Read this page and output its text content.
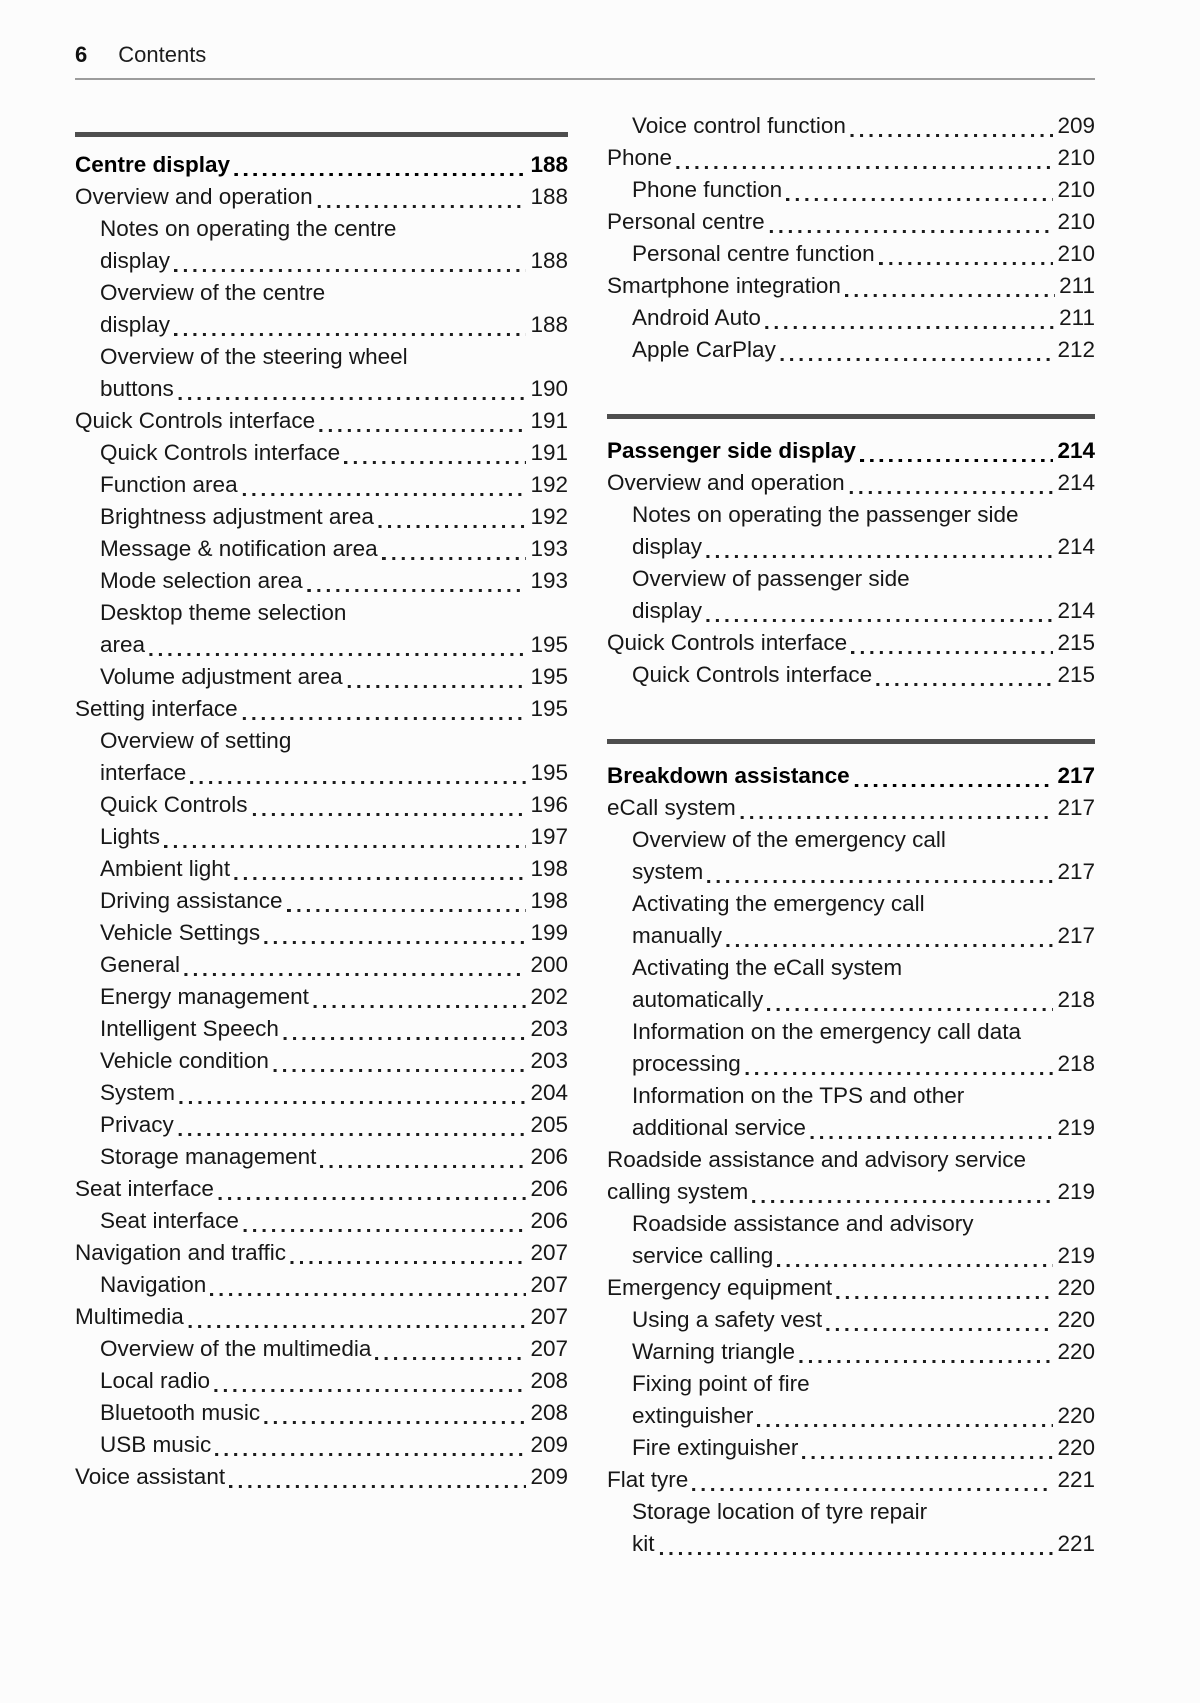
6 Contents
Centre display	188
Overview and operation	188
Notes on operating the centre
display	188
Overview of the centre
display	188
Overview of the steering wheel
buttons	190
Quick Controls interface	191
Quick Controls interface	191
Function area	192
Brightness adjustment area	192
Message & notification area	193
Mode selection area	193
Desktop theme selection
area	195
Volume adjustment area	195
Setting interface	195
Overview of setting
interface	195
Quick Controls	196
Lights	197
Ambient light	198
Driving assistance	198
Vehicle Settings	199
General	200
Energy management	202
Intelligent Speech	203
Vehicle condition	203
System	204
Privacy	205
Storage management	206
Seat interface	206
Seat interface	206
Navigation and traffic	207
Navigation	207
Multimedia	207
Overview of the multimedia	207
Local radio	208
Bluetooth music	208
USB music	209
Voice assistant	209
Voice control function	209
Phone	210
Phone function	210
Personal centre	210
Personal centre function	210
Smartphone integration	211
Android Auto	211
Apple CarPlay	212
Passenger side display	214
Overview and operation	214
Notes on operating the passenger side
display	214
Overview of passenger side
display	214
Quick Controls interface	215
Quick Controls interface	215
Breakdown assistance	217
eCall system	217
Overview of the emergency call
system	217
Activating the emergency call
manually	217
Activating the eCall system
automatically	218
Information on the emergency call data
processing	218
Information on the TPS and other
additional service	219
Roadside assistance and advisory service
calling system	219
Roadside assistance and advisory
service calling	219
Emergency equipment	220
Using a safety vest	220
Warning triangle	220
Fixing point of fire
extinguisher	220
Fire extinguisher	220
Flat tyre	221
Storage location of tyre repair
kit	221
